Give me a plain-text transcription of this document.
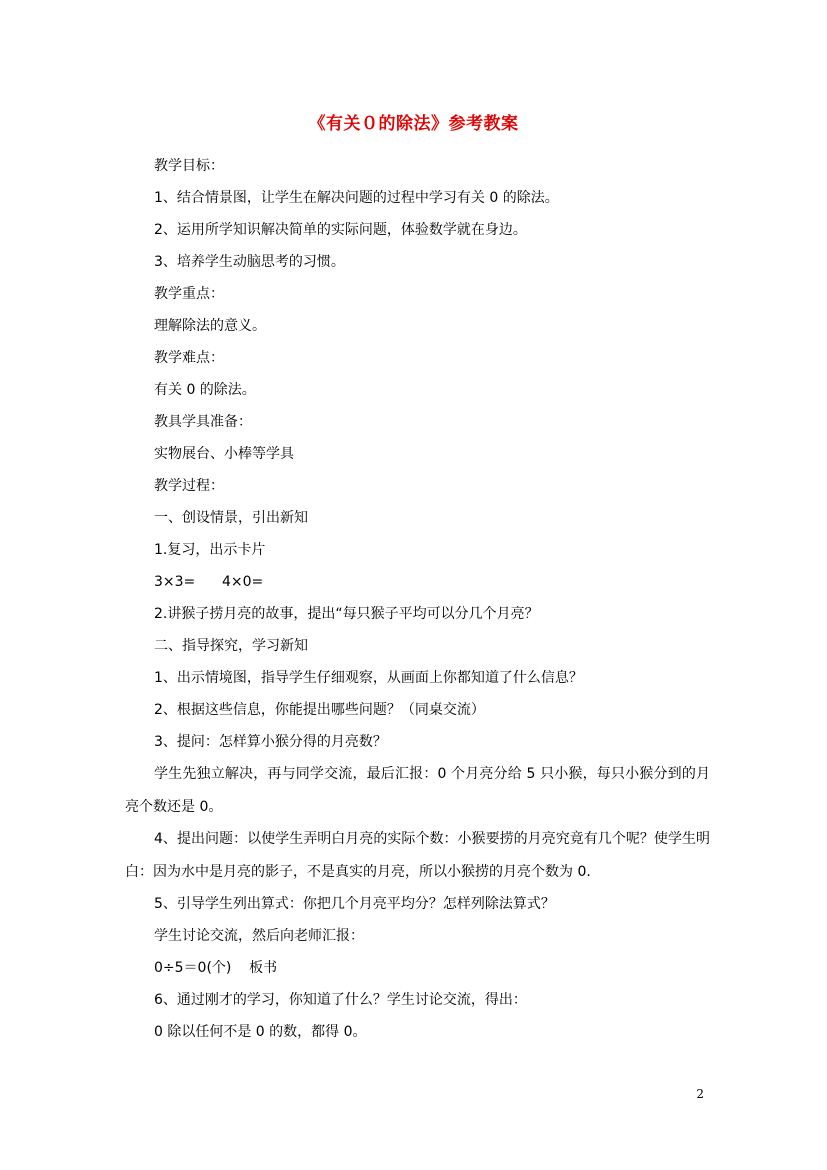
《有关０的除法》参考教案
教学目标：
1、结合情景图，让学生在解决问题的过程中学习有关 0 的除法。
2、运用所学知识解决简单的实际问题，体验数学就在身边。
3、培养学生动脑思考的习惯。
教学重点：
理解除法的意义。
教学难点：
有关 0 的除法。
教具学具准备：
实物展台、小棒等学具
教学过程：
一、创设情景，引出新知
1.复习，出示卡片
3×3=      4×0=
2.讲猴子捞月亮的故事，提出“每只猴子平均可以分几个月亮？
二、指导探究，学习新知
1、出示情境图，指导学生仔细观察，从画面上你都知道了什么信息？
2、根据这些信息，你能提出哪些问题？（同桌交流）
3、提问：怎样算小猴分得的月亮数？

学生先独立解决，再与同学交流，最后汇报：0 个月亮分给 5 只小猴，每只小猴分到的月亮个数还是 0。

4、提出问题：以使学生弄明白月亮的实际个数：小猴要捞的月亮究竟有几个呢？使学生明白：因为水中是月亮的影子，不是真实的月亮，所以小猴捞的月亮个数为 0.

5、引导学生列出算式：你把几个月亮平均分？怎样列除法算式？
学生讨论交流，然后向老师汇报：
0÷5＝0(个)    板书
6、通过刚才的学习，你知道了什么？学生讨论交流，得出：
0 除以任何不是 0 的数，都得 0。
2
